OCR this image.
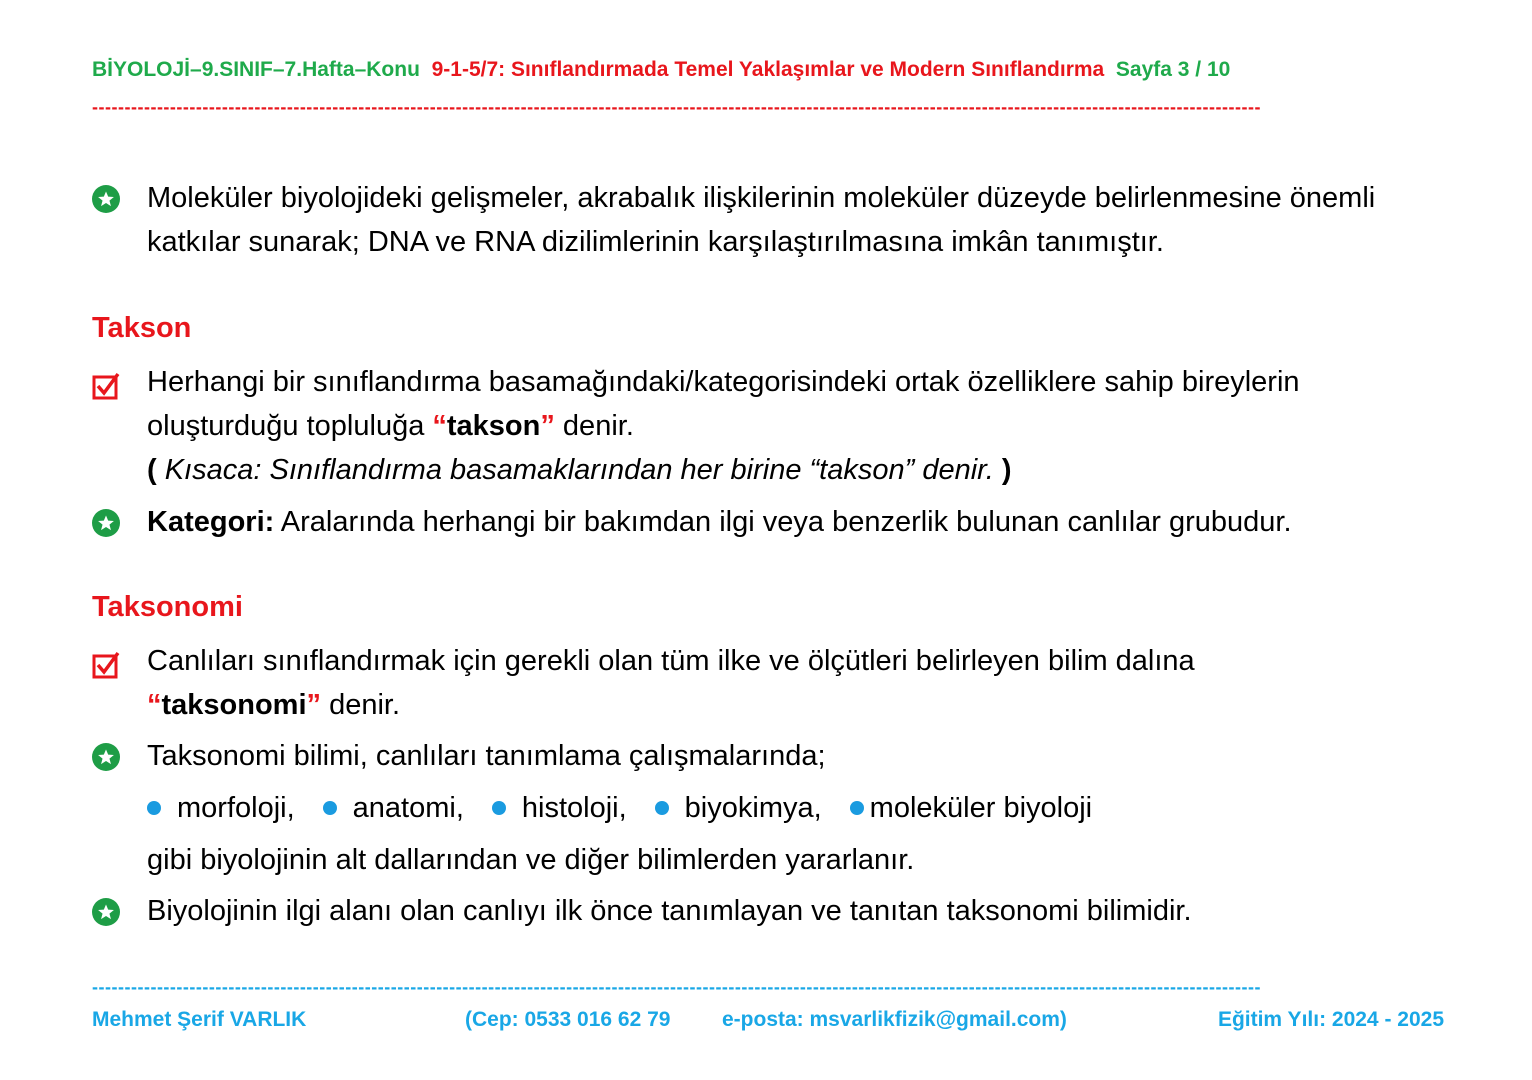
BİYOLOJİ–9.SINIF–7.Hafta–Konu 9-1-5/7: Sınıflandırmada Temel Yaklaşımlar ve Modern Sınıflandırma Sayfa 3 / 10
------------------------------------------------------------------------------------------------------------------------------------------------------------------------------------
Moleküler biyolojideki gelişmeler, akrabalık ilişkilerinin moleküler düzeyde belirlenmesine önemli katkılar sunarak; DNA ve RNA dizilimlerinin karşılaştırılmasına imkân tanımıştır.
Takson
Herhangi bir sınıflandırma basamağındaki/kategorisindeki ortak özelliklere sahip bireylerin oluşturduğu topluluğa “takson” denir.
( Kısaca: Sınıflandırma basamaklarından her birine “takson” denir. )
Kategori: Aralarında herhangi bir bakımdan ilgi veya benzerlik bulunan canlılar grubudur.
Taksonomi
Canlıları sınıflandırmak için gerekli olan tüm ilke ve ölçütleri belirleyen bilim dalına
“taksonomi” denir.
Taksonomi bilimi, canlıları tanımlama çalışmalarında;
morfoloji, anatomi, histoloji, biyokimya, moleküler biyoloji
gibi biyolojinin alt dallarından ve diğer bilimlerden yararlanır.
Biyolojinin ilgi alanı olan canlıyı ilk önce tanımlayan ve tanıtan taksonomi bilimidir.
------------------------------------------------------------------------------------------------------------------------------------------------------------------------------------
Mehmet Şerif VARLIK	(Cep: 0533 016 62 79 e-posta: msvarlikfizik@gmail.com)	Eğitim Yılı: 2024 - 2025
